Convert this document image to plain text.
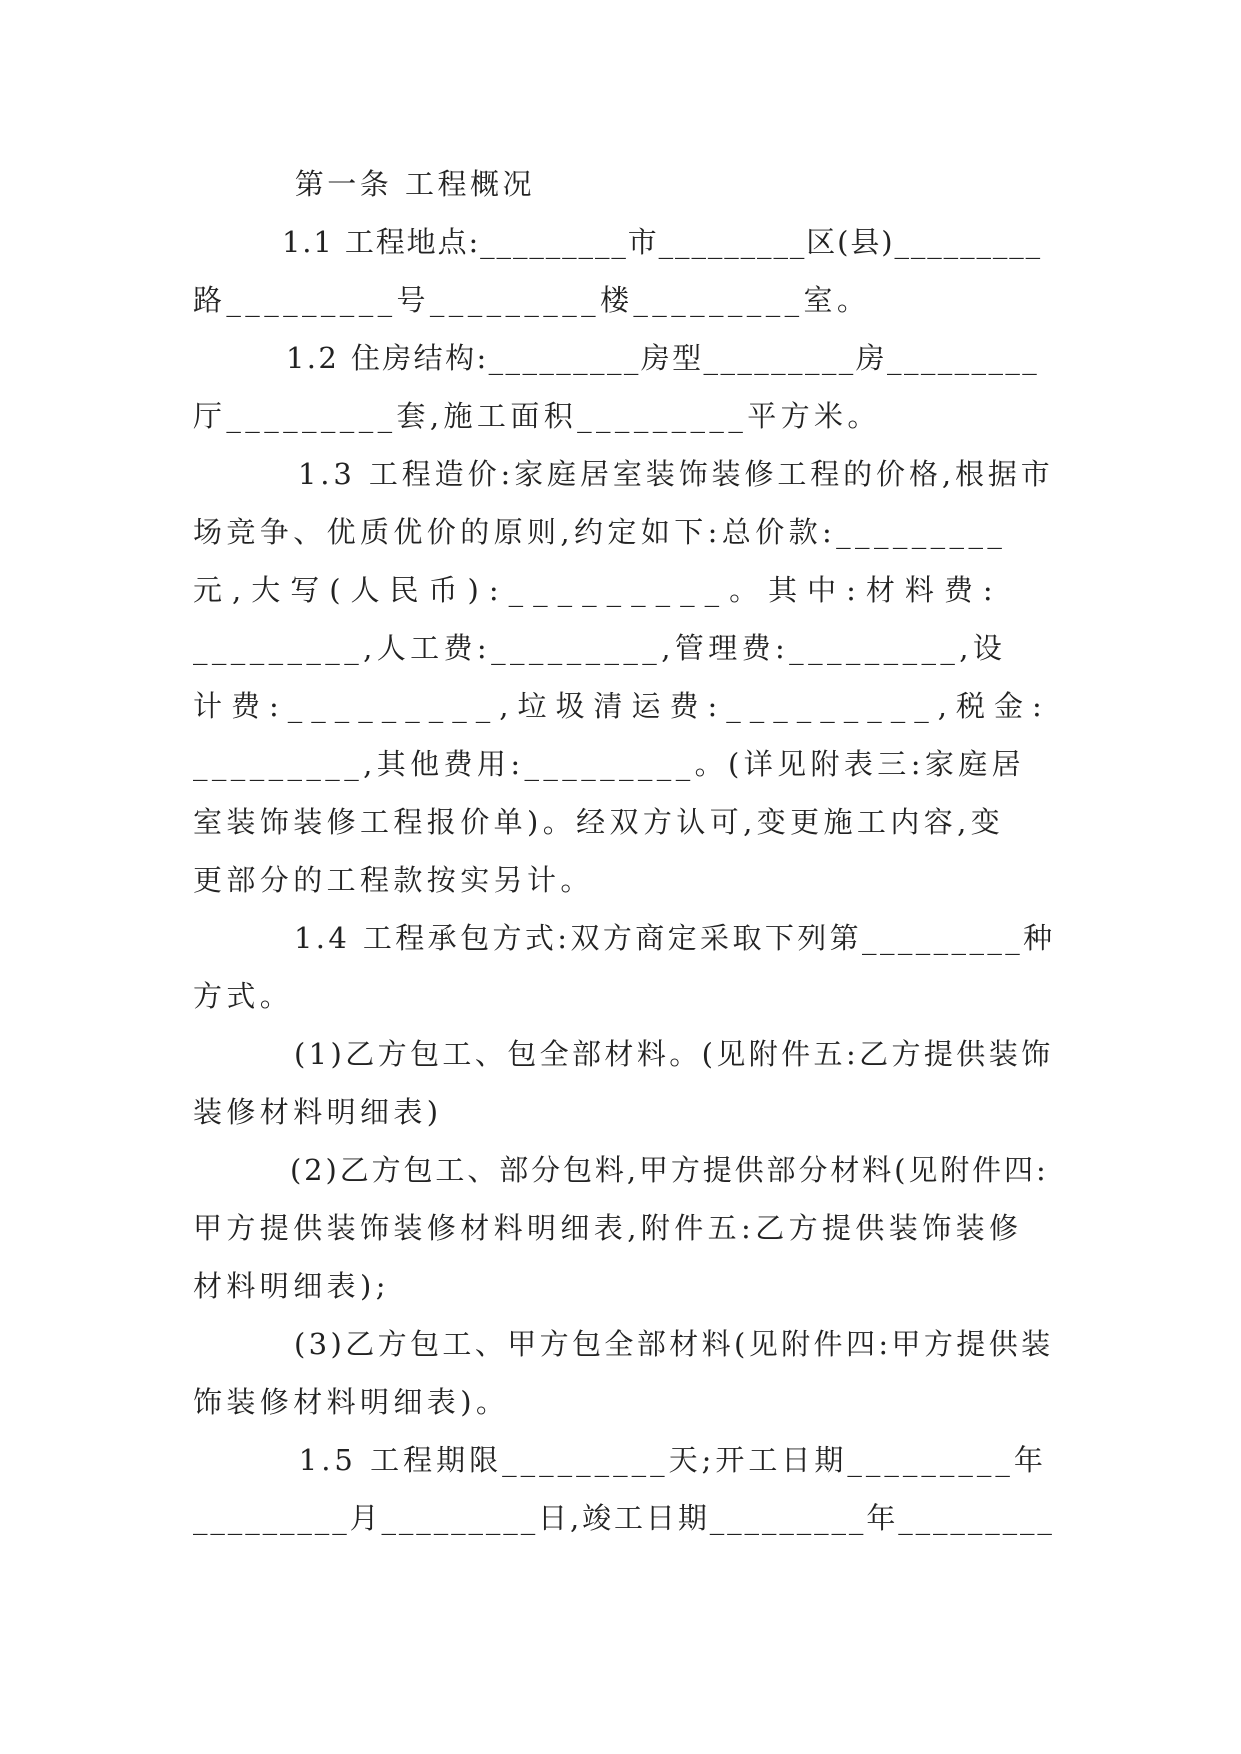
第一条 工程概况
1.1 工程地点:_________市_________区(县)_________
路_________号_________楼_________室。
1.2 住房结构:_________房型_________房_________
厅_________套,施工面积_________平方米。
1.3 工程造价:家庭居室装饰装修工程的价格,根据市
场竞争、优质优价的原则,约定如下:总价款:_________
元,大写(人民币):_________。其中:材料费:
_________,人工费:_________,管理费:_________,设
计费:_________,垃圾清运费:_________,税金:
_________,其他费用:_________。(详见附表三:家庭居
室装饰装修工程报价单)。经双方认可,变更施工内容,变
更部分的工程款按实另计。
1.4 工程承包方式:双方商定采取下列第_________种
方式。
(1)乙方包工、包全部材料。(见附件五:乙方提供装饰
装修材料明细表)
(2)乙方包工、部分包料,甲方提供部分材料(见附件四:
甲方提供装饰装修材料明细表,附件五:乙方提供装饰装修
材料明细表);
(3)乙方包工、甲方包全部材料(见附件四:甲方提供装
饰装修材料明细表)。
1.5 工程期限_________天;开工日期_________年
_________月_________日,竣工日期_________年_________
